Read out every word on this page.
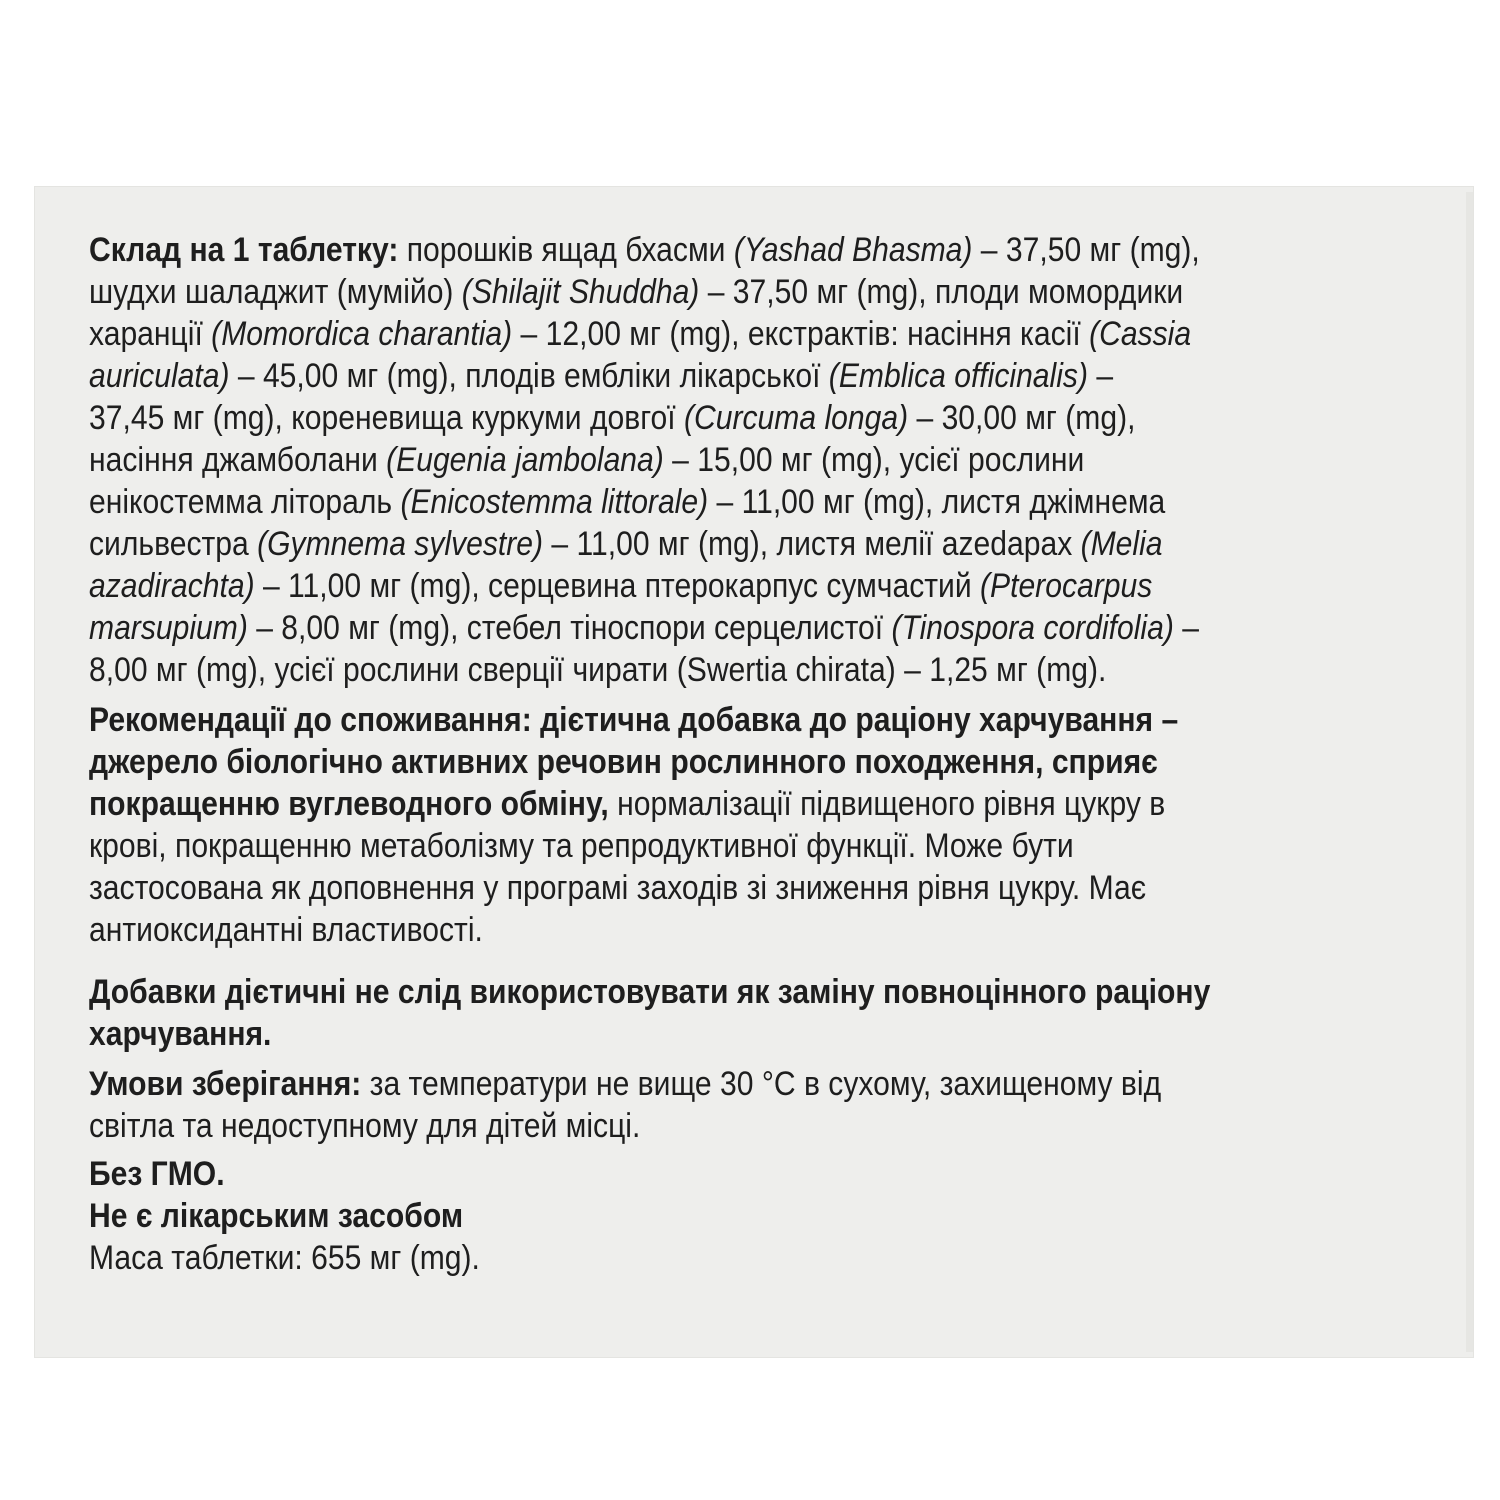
Склад на 1 таблетку: порошків ящад бхасми (Yashad Bhasma) – 37,50 мг (mg),

шудхи шаладжит (мумійо) (Shilajit Shuddha) – 37,50 мг (mg), плоди момордики

харанції (Momordica charantia) – 12,00 мг (mg), екстрактів: насіння касії (Cassia

auriculata) – 45,00 мг (mg), плодів емблiки лікарської (Emblica officinalis) –

37,45 мг (mg), кореневища куркуми довгої (Curcuma longa) – 30,00 мг (mg),

насіння джамболани (Eugenia jambolana) – 15,00 мг (mg), усієї рослини

енікостемма літораль (Enicostemma littorale) – 11,00 мг (mg), листя джімнема

сильвестра (Gymnema sylvestre) – 11,00 мг (mg), листя мелії аzedарах (Melia

azadirachta) – 11,00 мг (mg), серцевина птерокарпус сумчастий (Pterocarpus

marsupium) – 8,00 мг (mg), стебел тіноспори серцелистої (Tinospora cordifolia) –

8,00 мг (mg), усієї рослини сверції чирати (Swertia chirata) – 1,25 мг (mg).

Рекомендації до споживання: дієтична добавка до раціону харчування –

джерело біологічно активних речовин рослинного походження, сприяє

покращенню вуглеводного обміну, нормалізації підвищеного рівня цукру в

крові, покращенню метаболізму та репродуктивної функції. Може бути

застосована як доповнення у програмі заходів зі зниження рівня цукру. Має

антиоксидантні властивості.

Добавки дієтичні не слід використовувати як заміну повноцінного раціону

харчування.

Умови зберігання: за температури не вище 30 °С в сухому, захищеному від

світла та недоступному для дітей місці.

Без ГМО.

Не є лікарським засобом

Маса таблетки: 655 мг (mg).
